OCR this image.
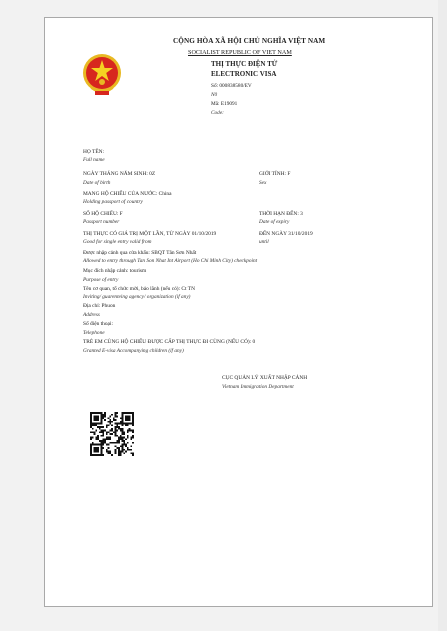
CỘNG HÒA XÃ HỘI CHỦ NGHĨA VIỆT NAM
SOCIALIST REPUBLIC OF VIET NAM
THỊ THỰC ĐIỆN TỬ
ELECTRONIC VISA
Số: 000838580/EV
N0
Mã: E19091
Code:
HỌ TÊN:
Full name
NGÀY THÁNG NĂM SINH: 0Z
Date of birth
GIỚI TÍNH: F
Sex
MANG HỘ CHIẾU CỦA NƯỚC: China
Holding passport of country
SỐ HỘ CHIẾU: F
Passport number
THỜI HẠN ĐẾN: 3
Date of expiry
THỊ THỰC CÓ GIÁ TRỊ MỘT LẦN, TỪ NGÀY 01/10/2019
Good for single entry valid from
ĐẾN NGÀY 31/10/2019
until
Được nhập cảnh qua cửa khẩu: SBQT Tân Sơn Nhất
Allowed to entry through Tan Son Nhat Int Airport (Ho Chi Minh City) checkpoint
Mục đích nhập cảnh: tourism
Purpose of entry
Tên cơ quan, tổ chức mời, bảo lãnh (nếu có): Ct TN
Inviting/ guarenteing agency/ organization (if any)
Địa chỉ: Phuon
Address
Số điện thoại:
Telephone
TRẺ EM CÙNG HỘ CHIẾU ĐƯỢC CẤP THỊ THỰC ĐI CÙNG (NẾU CÓ): 0
Granted E-visa Accompanying children (if any)
CỤC QUẢN LÝ XUẤT NHẬP CẢNH
Vietnam Immigration Department
